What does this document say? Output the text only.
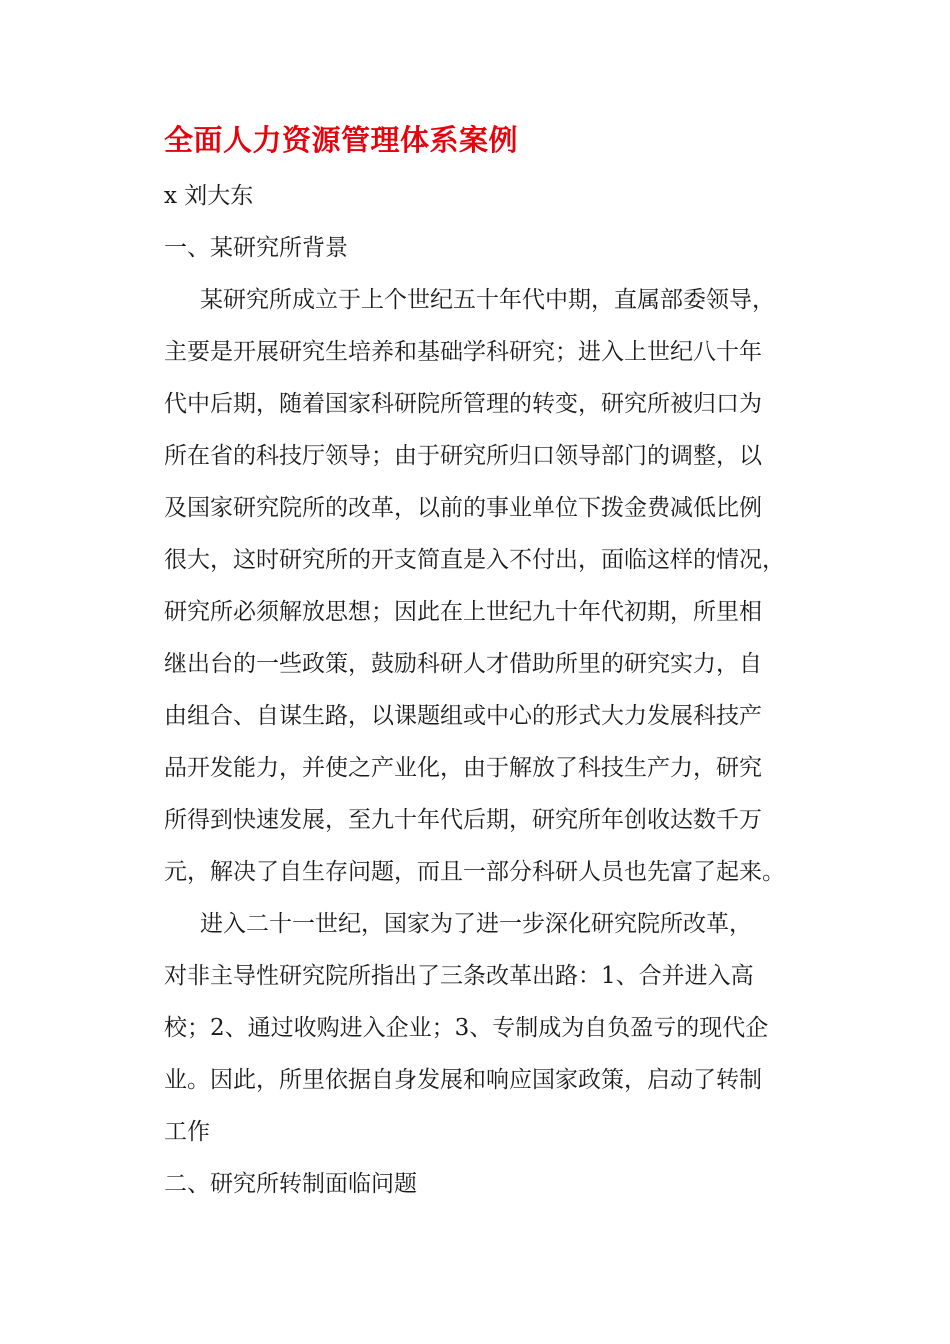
全面人力资源管理体系案例

x 刘大东

一、某研究所背景

某研究所成立于上个世纪五十年代中期，直属部委领导，

主要是开展研究生培养和基础学科研究；进入上世纪八十年

代中后期，随着国家科研院所管理的转变，研究所被归口为

所在省的科技厅领导；由于研究所归口领导部门的调整，以

及国家研究院所的改革，以前的事业单位下拨金费减低比例

很大，这时研究所的开支简直是入不付出，面临这样的情况，

研究所必须解放思想；因此在上世纪九十年代初期，所里相

继出台的一些政策，鼓励科研人才借助所里的研究实力，自

由组合、自谋生路，以课题组或中心的形式大力发展科技产

品开发能力，并使之产业化，由于解放了科技生产力，研究

所得到快速发展，至九十年代后期，研究所年创收达数千万

元，解决了自生存问题，而且一部分科研人员也先富了起来。

进入二十一世纪，国家为了进一步深化研究院所改革，

对非主导性研究院所指出了三条改革出路：1、合并进入高

校；2、通过收购进入企业；3、专制成为自负盈亏的现代企

业。因此，所里依据自身发展和响应国家政策，启动了转制

工作

二、研究所转制面临问题
